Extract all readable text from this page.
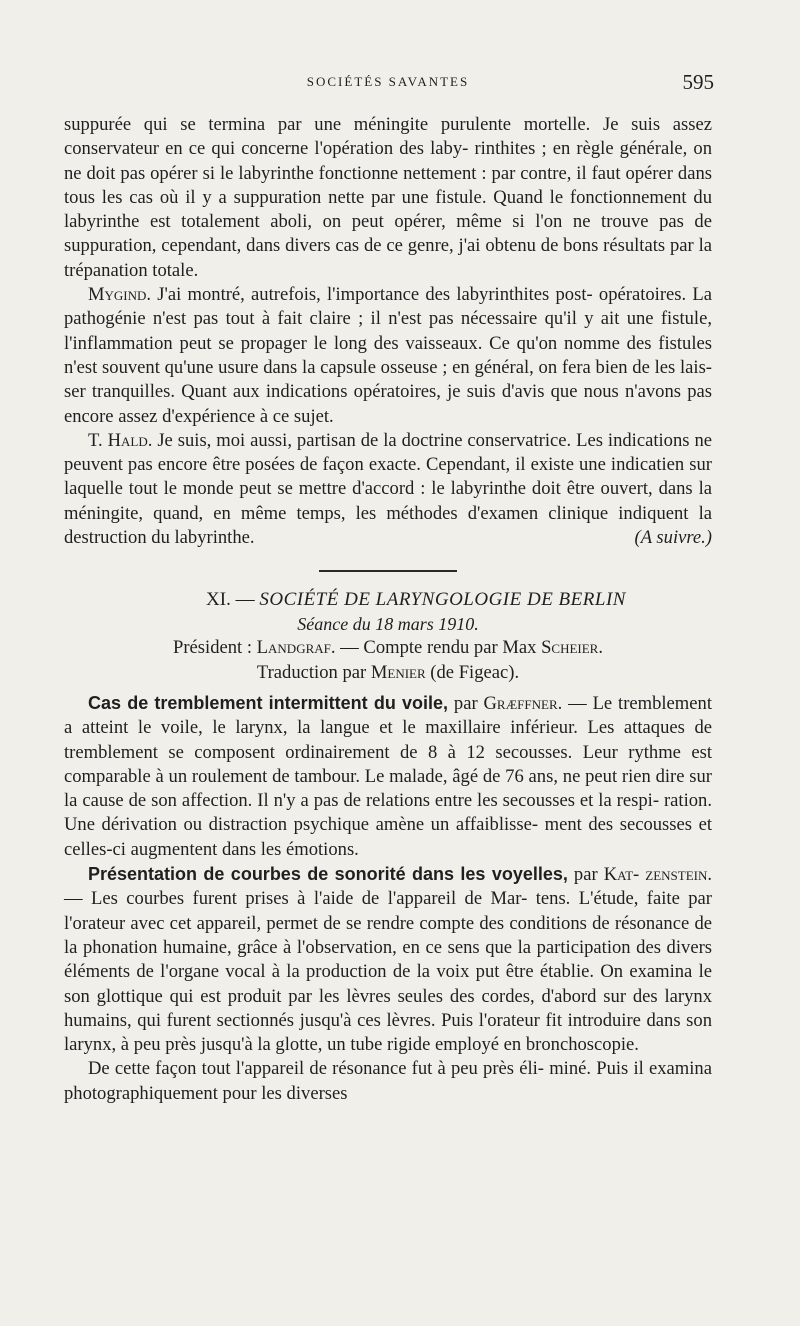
SOCIÉTÉS SAVANTES	595

suppurée qui se termina par une méningite purulente mortelle. Je suis assez conservateur en ce qui concerne l'opération des laby- rinthites ; en règle générale, on ne doit pas opérer si le labyrinthe fonctionne nettement : par contre, il faut opérer dans tous les cas où il y a suppuration nette par une fistule. Quand le fonctionnement du labyrinthe est totalement aboli, on peut opérer, même si l'on ne trouve pas de suppuration, cependant, dans divers cas de ce genre, j'ai obtenu de bons résultats par la trépanation totale.

Mygind. J'ai montré, autrefois, l'importance des labyrinthites post- opératoires. La pathogénie n'est pas tout à fait claire ; il n'est pas nécessaire qu'il y ait une fistule, l'inflammation peut se propager le long des vaisseaux. Ce qu'on nomme des fistules n'est souvent qu'une usure dans la capsule osseuse ; en général, on fera bien de les lais- ser tranquilles. Quant aux indications opératoires, je suis d'avis que nous n'avons pas encore assez d'expérience à ce sujet.

T. Hald. Je suis, moi aussi, partisan de la doctrine conservatrice. Les indications ne peuvent pas encore être posées de façon exacte. Cependant, il existe une indicatien sur laquelle tout le monde peut se mettre d'accord : le labyrinthe doit être ouvert, dans la méningite, quand, en même temps, les méthodes d'examen clinique indiquent la destruction du labyrinthe.	(A suivre.)

XI. — SOCIÉTÉ DE LARYNGOLOGIE DE BERLIN
Séance du 18 mars 1910.
Président : Landgraf. — Compte rendu par Max Scheier.
Traduction par Menier (de Figeac).

Cas de tremblement intermittent du voile, par Græffner. — Le tremblement a atteint le voile, le larynx, la langue et le maxillaire inférieur. Les attaques de tremblement se composent ordinairement de 8 à 12 secousses. Leur rythme est comparable à un roulement de tambour. Le malade, âgé de 76 ans, ne peut rien dire sur la cause de son affection. Il n'y a pas de relations entre les secousses et la respi- ration. Une dérivation ou distraction psychique amène un affaiblisse- ment des secousses et celles-ci augmentent dans les émotions.

Présentation de courbes de sonorité dans les voyelles, par Kat- zenstein. — Les courbes furent prises à l'aide de l'appareil de Mar- tens. L'étude, faite par l'orateur avec cet appareil, permet de se rendre compte des conditions de résonance de la phonation humaine, grâce à l'observation, en ce sens que la participation des divers éléments de l'organe vocal à la production de la voix put être établie. On examina le son glottique qui est produit par les lèvres seules des cordes, d'abord sur des larynx humains, qui furent sectionnés jusqu'à ces lèvres. Puis l'orateur fit introduire dans son larynx, à peu près jusqu'à la glotte, un tube rigide employé en bronchoscopie.

De cette façon tout l'appareil de résonance fut à peu près éli- miné. Puis il examina photographiquement pour les diverses
